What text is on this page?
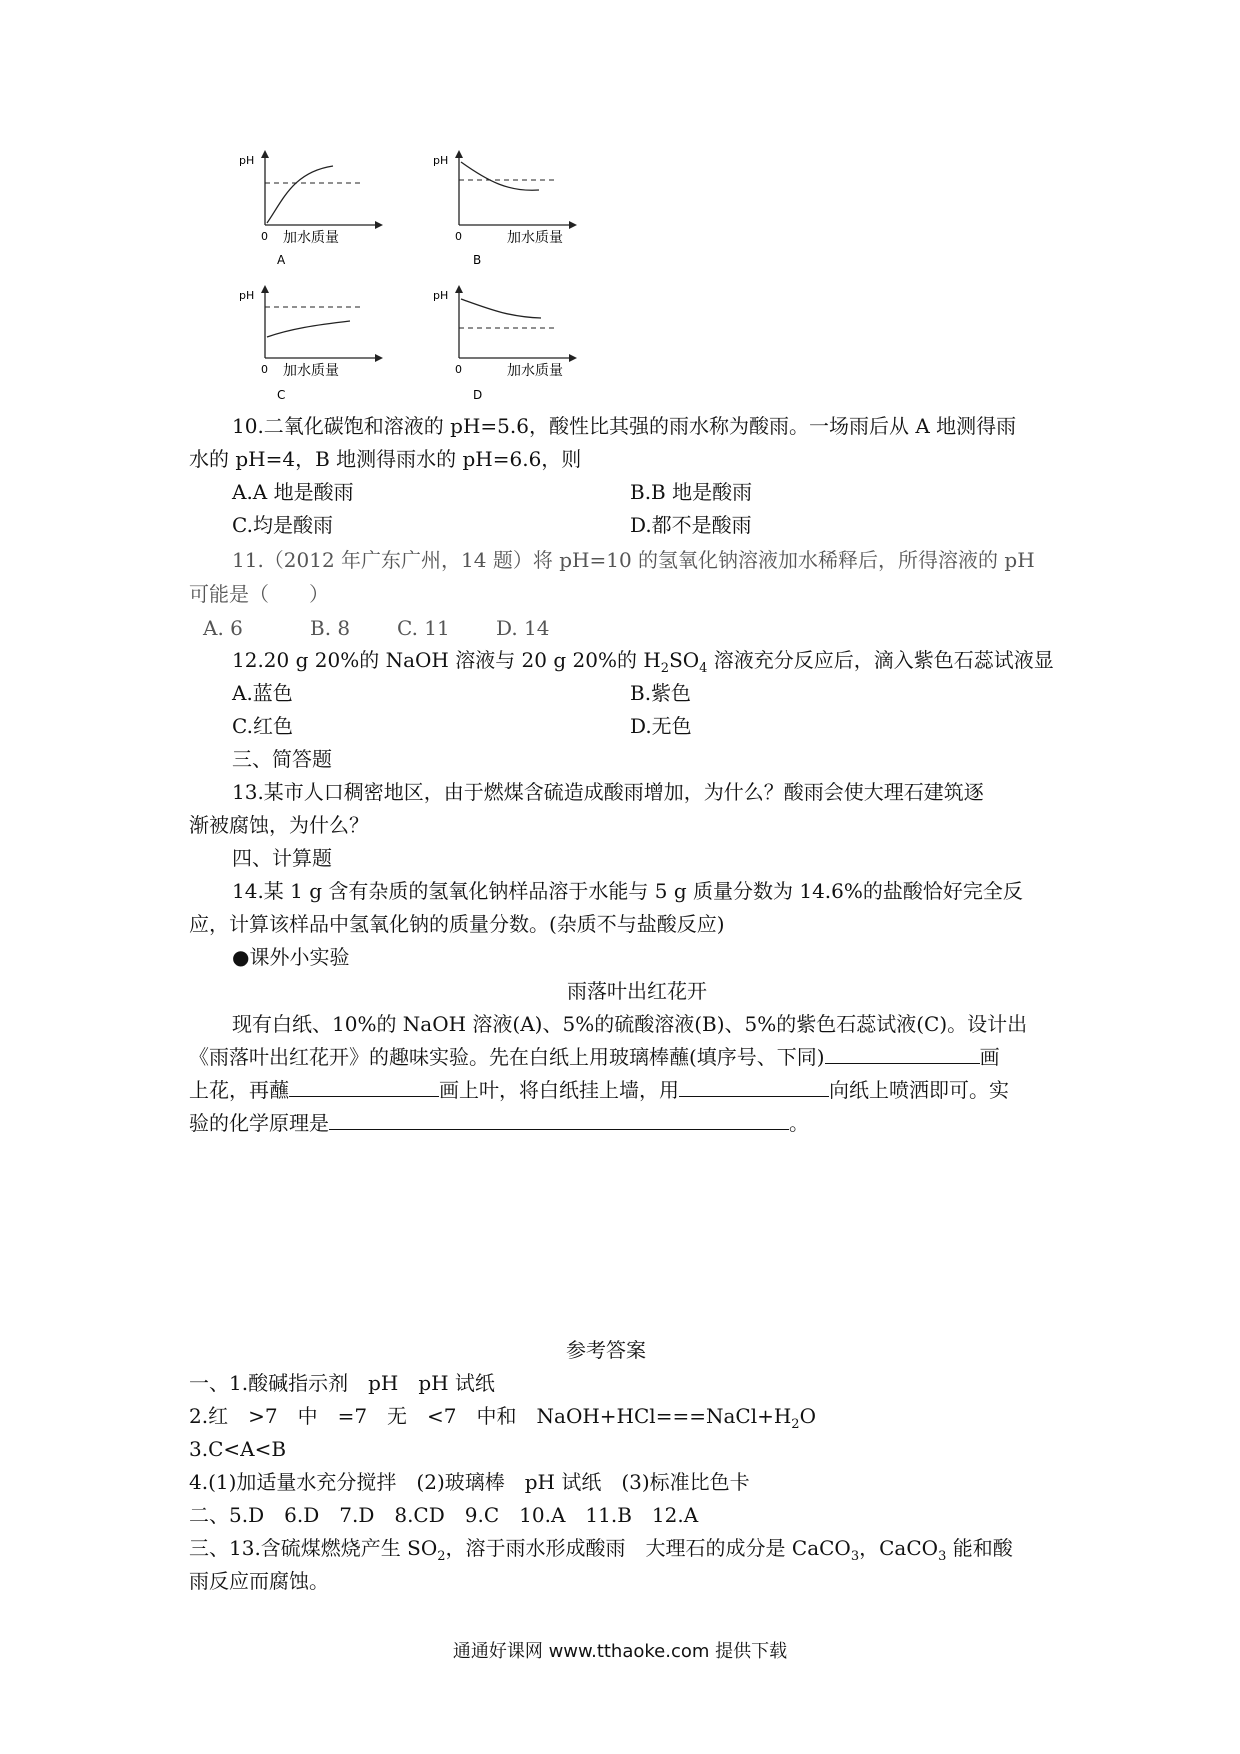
pH
0 加水质量
A
pH
0	加水质量
B
pH
0 加水质量
C
pH
0	加水质量
D
10.二氧化碳饱和溶液的 pH=5.6，酸性比其强的雨水称为酸雨。一场雨后从 A 地测得雨
水的 pH=4，B 地测得雨水的 pH=6.6，则
A.A 地是酸雨	B.B 地是酸雨
C.均是酸雨	D.都不是酸雨
11.（2012 年广东广州，14 题）将 pH=10 的氢氧化钠溶液加水稀释后，所得溶液的 pH
可能是（　　）
A. 6	B. 8 C. 11 D. 14
12.20 g 20%的 NaOH 溶液与 20 g 20%的 $H_2SO_4$ 溶液充分反应后，滴入紫色石蕊试液显
A.蓝色	B.紫色
C.红色	D.无色
三、简答题
13.某市人口稠密地区，由于燃煤含硫造成酸雨增加，为什么？酸雨会使大理石建筑逐
渐被腐蚀，为什么？
四、计算题
14.某 1 g 含有杂质的氢氧化钠样品溶于水能与 5 g 质量分数为 14.6%的盐酸恰好完全反
应，计算该样品中氢氧化钠的质量分数。(杂质不与盐酸反应)
●课外小实验
雨落叶出红花开
现有白纸、10%的 NaOH 溶液(A)、5%的硫酸溶液(B)、5%的紫色石蕊试液(C)。设计出
《雨落叶出红花开》的趣味实验。先在白纸上用玻璃棒蘸(填序号、下同)	画
上花，再蘸	画上叶，将白纸挂上墙，用	向纸上喷洒即可。实
验的化学原理是	。
参考答案
一、1.酸碱指示剂　pH　pH 试纸
2.红　>7　中　=7　无　<7　中和　$NaOH+HCl===NaCl+H_2O$
3.C<A<B
4.(1)加适量水充分搅拌　(2)玻璃棒　pH 试纸　(3)标准比色卡
二、5.D　6.D　7.D　8.CD　9.C　10.A　11.B　12.A
三、13.含硫煤燃烧产生 $SO_2$，溶于雨水形成酸雨　大理石的成分是 CaCO$_3$，CaCO$_3$ 能和酸
雨反应而腐蚀。
通通好课网 www.tthaoke.com 提供下载
